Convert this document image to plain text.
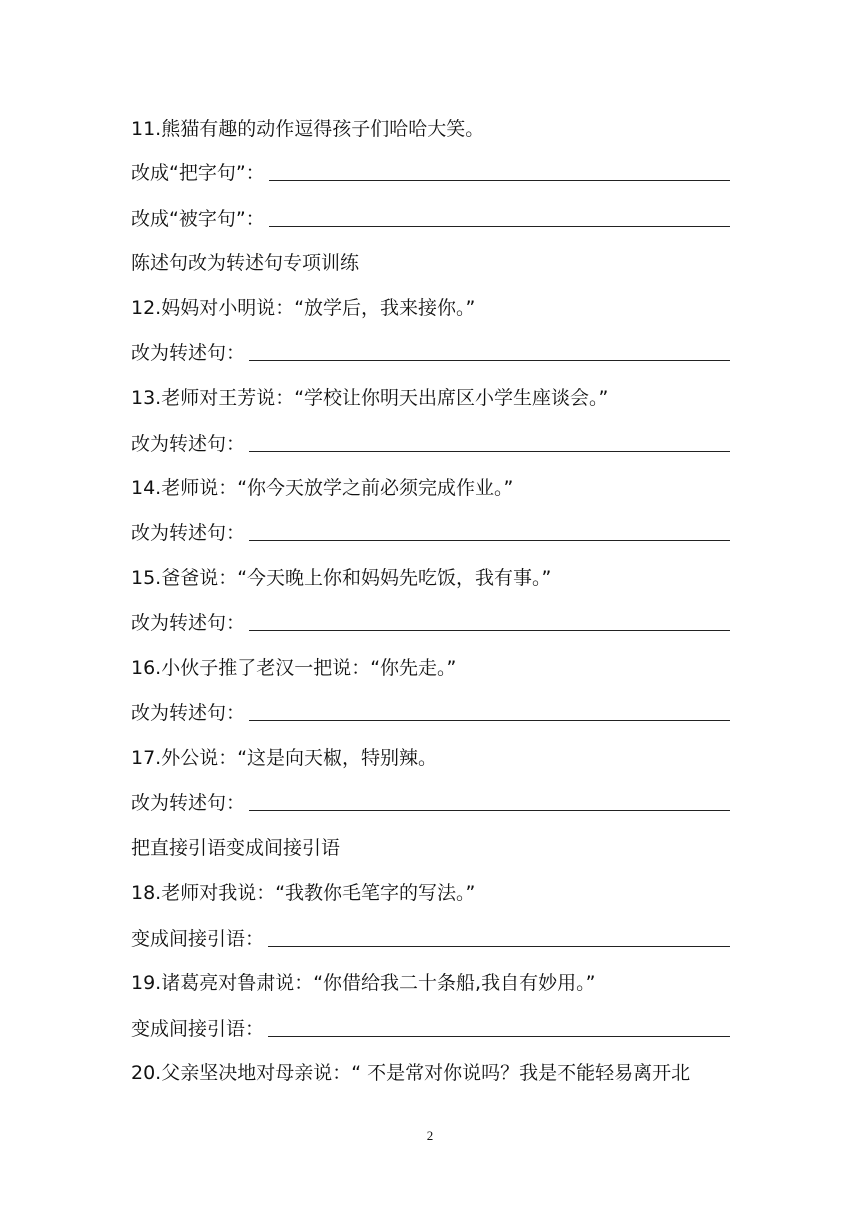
11.熊猫有趣的动作逗得孩子们哈哈大笑。
改成“把字句”：
改成“被字句”：
陈述句改为转述句专项训练
12.妈妈对小明说：“放学后，我来接你。”
改为转述句：
13.老师对王芳说：“学校让你明天出席区小学生座谈会。”
改为转述句：
14.老师说：“你今天放学之前必须完成作业。”
改为转述句：
15.爸爸说：“今天晚上你和妈妈先吃饭，我有事。”
改为转述句：
16.小伙子推了老汉一把说：“你先走。”
改为转述句：
17.外公说：“这是向天椒，特别辣。
改为转述句：
把直接引语变成间接引语
18.老师对我说：“我教你毛笔字的写法。”
变成间接引语：
19.诸葛亮对鲁肃说：“你借给我二十条船,我自有妙用。”
变成间接引语：
20.父亲坚决地对母亲说：“ 不是常对你说吗？我是不能轻易离开北
2
